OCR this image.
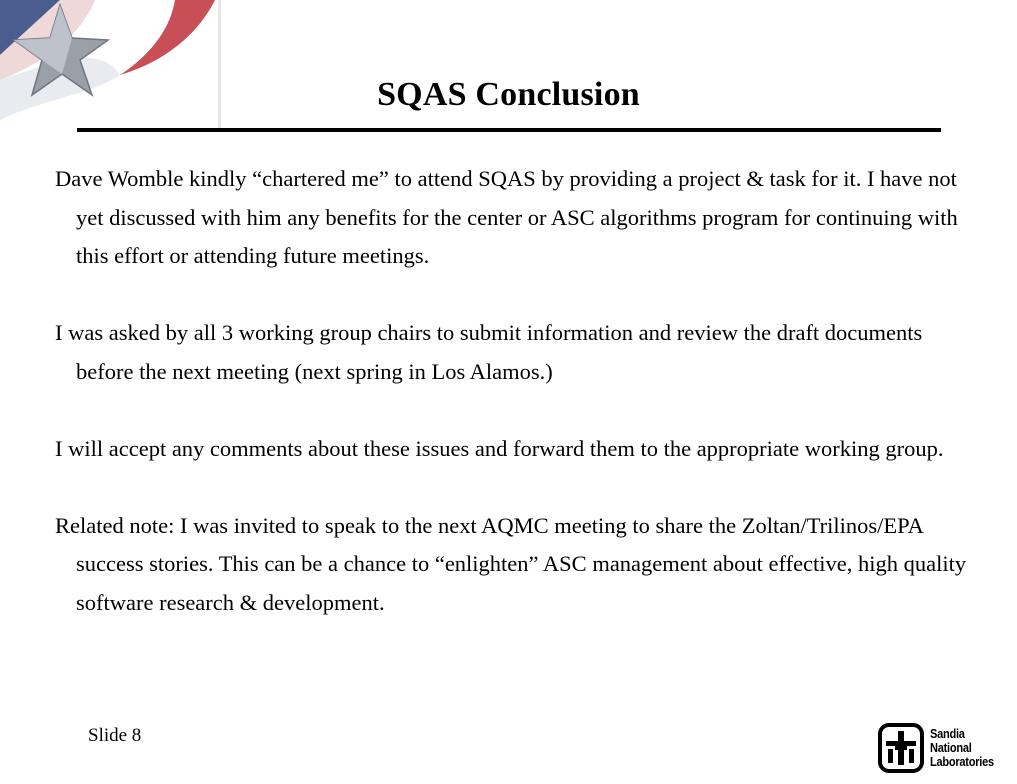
SQAS Conclusion

Dave Womble kindly “chartered me” to attend SQAS by providing a project & task for it. I have not yet discussed with him any benefits for the center or ASC algorithms program for continuing with this effort or attending future meetings.

I was asked by all 3 working group chairs to submit information and review the draft documents before the next meeting (next spring in Los Alamos.)

I will accept any comments about these issues and forward them to the appropriate working group.

Related note: I was invited to speak to the next AQMC meeting to share the Zoltan/Trilinos/EPA success stories. This can be a chance to “enlighten” ASC management about effective, high quality software research & development.

Slide 8	Sandia
National
Laboratories
